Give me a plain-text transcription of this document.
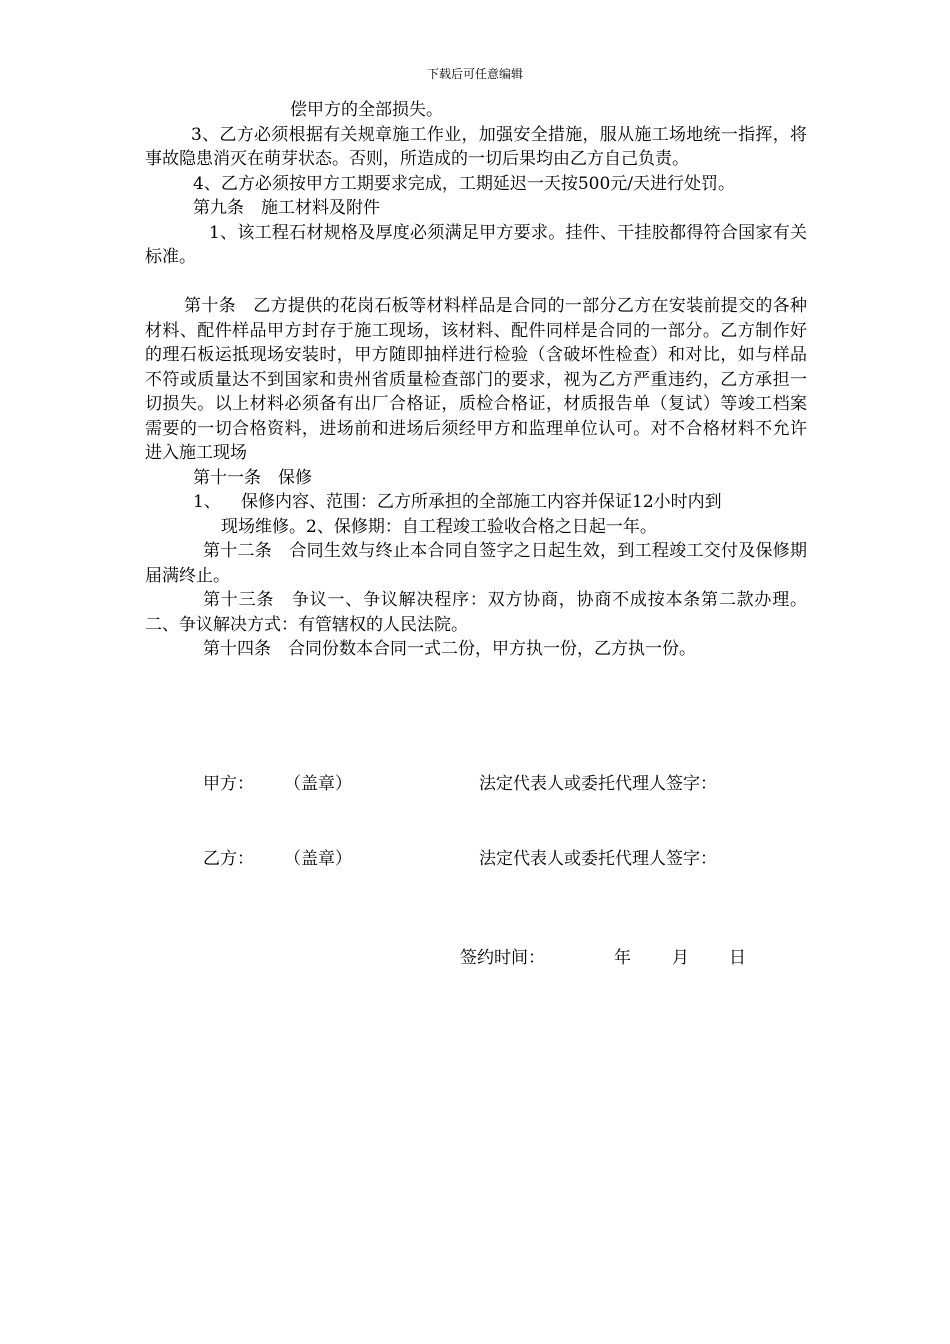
下载后可任意编辑

偿甲方的全部损失。

3、乙方必须根据有关规章施工作业，加强安全措施，服从施工场地统一指挥，将事故隐患消灭在萌芽状态。否则，所造成的一切后果均由乙方自己负责。

4、乙方必须按甲方工期要求完成，工期延迟一天按500元/天进行处罚。

第九条　施工材料及附件

1、该工程石材规格及厚度必须满足甲方要求。挂件、干挂胶都得符合国家有关标准。

第十条　乙方提供的花岗石板等材料样品是合同的一部分乙方在安装前提交的各种材料、配件样品甲方封存于施工现场，该材料、配件同样是合同的一部分。乙方制作好的理石板运抵现场安装时，甲方随即抽样进行检验（含破坏性检查）和对比，如与样品不符或质量达不到国家和贵州省质量检查部门的要求，视为乙方严重违约，乙方承担一切损失。以上材料必须备有出厂合格证，质检合格证，材质报告单（复试）等竣工档案需要的一切合格资料，进场前和进场后须经甲方和监理单位认可。对不合格材料不允许进入施工现场

第十一条　保修

1、	保修内容、范围：乙方所承担的全部施工内容并保证12小时内到

现场维修。2、保修期：自工程竣工验收合格之日起一年。

第十二条　合同生效与终止本合同自签字之日起生效，到工程竣工交付及保修期届满终止。

第十三条　争议一、争议解决程序：双方协商，协商不成按本条第二款办理。二、争议解决方式：有管辖权的人民法院。

第十四条　合同份数本合同一式二份，甲方执一份，乙方执一份。

甲方： （盖章）	法定代表人或委托代理人签字：
乙方： （盖章）	法定代表人或委托代理人签字：
签约时间：	年 月 日
